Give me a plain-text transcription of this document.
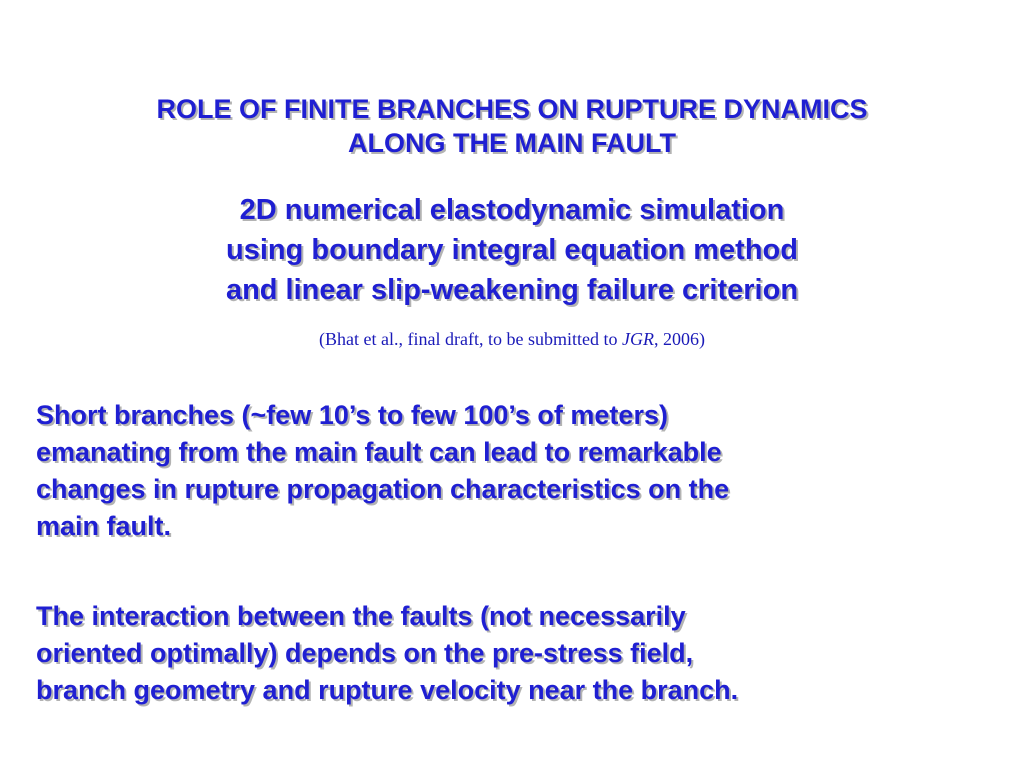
ROLE OF FINITE BRANCHES ON RUPTURE DYNAMICS
ALONG THE MAIN FAULT
2D numerical elastodynamic simulation
using boundary integral equation method
and linear slip-weakening failure criterion
(Bhat et al., final draft, to be submitted to JGR, 2006)
Short branches (~few 10’s to few 100’s of meters)
emanating from the main fault can lead to remarkable
changes in rupture propagation characteristics on the
main fault.
The interaction between the faults (not necessarily
oriented optimally) depends on the pre-stress field,
branch geometry and rupture velocity near the branch.
